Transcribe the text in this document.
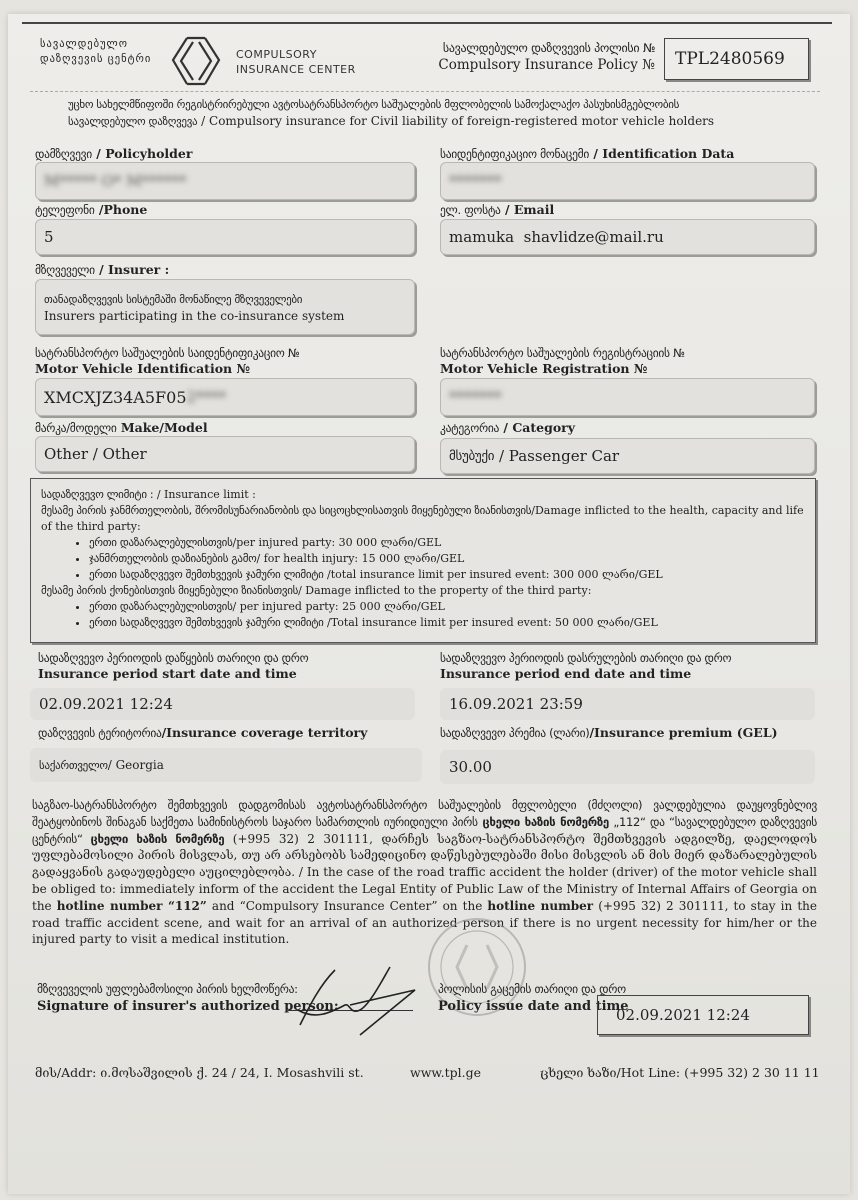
სავალდებულო
დაზღვევის ცენტრი	COMPULSORY
INSURANCE CENTER
სავალდებულო დაზღვევის პოლისი №
Compulsory Insurance Policy №	TPL2480569
უცხო სახელმწიფოში რეგისტრირებული ავტოსატრანსპორტო საშუალების მფლობელის სამოქალაქო პასუხისმგებლობის
სავალდებულო დაზღვევა / Compulsory insurance for Civil liability of foreign-registered motor vehicle holders
დამზღვევი / Policyholder
M***** O* M******
საიდენტიფიკაციო მონაცემი / Identification Data
*******
ტელეფონი /Phone
5
ელ. ფოსტა / Email
mamuka  shavlidze@mail.ru
მზღვეველი / Insurer :
თანადაზღვევის სისტემაში მონაწილე მზღვეველები
Insurers participating in the co-insurance system
სატრანსპორტო საშუალების საიდენტიფიკაციო №
Motor Vehicle Identification №
XMCXJZ34A5F05 2****
სატრანსპორტო საშუალების რეგისტრაციის №
Motor Vehicle Registration №
*******
მარკა/მოდელი Make/Model
Other / Other
კატეგორია / Category
მსუბუქი / Passenger Car
სადაზღვევო ლიმიტი : / Insurance limit :
მესამე პირის ჯანმრთელობის, შრომისუნარიანობის და სიცოცხლისათვის მიყენებული ზიანისთვის/Damage inflicted to the health, capacity and life of the third party:
• ერთი დაზარალებულისთვის/per injured party: 30 000 ლარი/GEL
• ჯანმრთელობის დაზიანების გამო/ for health injury: 15 000 ლარი/GEL
• ერთი სადაზღვევო შემთხვევის ჯამური ლიმიტი /total insurance limit per insured event: 300 000 ლარი/GEL
მესამე პირის ქონებისთვის მიყენებული ზიანისთვის/ Damage inflicted to the property of the third party:
• ერთი დაზარალებულისთვის/ per injured party: 25 000 ლარი/GEL
• ერთი სადაზღვევო შემთხვევის ჯამური ლიმიტი /Total insurance limit per insured event: 50 000 ლარი/GEL
სადაზღვევო პერიოდის დაწყების თარიღი და დრო
Insurance period start date and time
02.09.2021 12:24
სადაზღვევო პერიოდის დასრულების თარიღი და დრო
Insurance period end date and time
16.09.2021 23:59
დაზღვევის ტერიტორია/Insurance coverage territory
საქართველო / Georgia
სადაზღვევო პრემია (ლარი)/Insurance premium (GEL)
30.00
საგზაო-სატრანსპორტო შემთხვევის დადგომისას ავტოსატრანსპორტო საშუალების მფლობელი (მძღოლი) ვალდებულია დაუყოვნებლივ შეატყობინოს შინაგან საქმეთა სამინისტროს საჯარო სამართლის იურიდიული პირს ცხელი ხაზის ნომერზე „112“ და “სავალდებულო დაზღვევის ცენტრის“ ცხელი ხაზის ნომერზე (+995 32) 2 301111, დარჩეს საგზაო-სატრანსპორტო შემთხვევის ადგილზე, დაელოდოს უფლებამოსილი პირის მისვლას, თუ არ არსებობს სამედიცინო დაწესებულებაში მისი მისვლის ან მის მიერ დაზარალებულის გადაყვანის გადაუდებელი აუცილებლობა. / In the case of the road traffic accident the holder (driver) of the motor vehicle shall be obliged to: immediately inform of the accident the Legal Entity of Public Law of the Ministry of Internal Affairs of Georgia on the hotline number “112” and “Compulsory Insurance Center” on the hotline number (+995 32) 2 301111, to stay in the road traffic accident scene, and wait for an arrival of an authorized person if there is no urgent necessity for him/her or the injured party to visit a medical institution.
მზღვეველის უფლებამოსილი პირის ხელმოწერა:
Signature of insurer's authorized person:
პოლისის გაცემის თარიღი და დრო
Policy issue date and time
02.09.2021 12:24
მის/Addr: ი.მოსაშვილის ქ. 24 / 24, I. Mosashvili st.	www.tpl.ge	ცხელი ხაზი/Hot Line: (+995 32) 2 30 11 11
